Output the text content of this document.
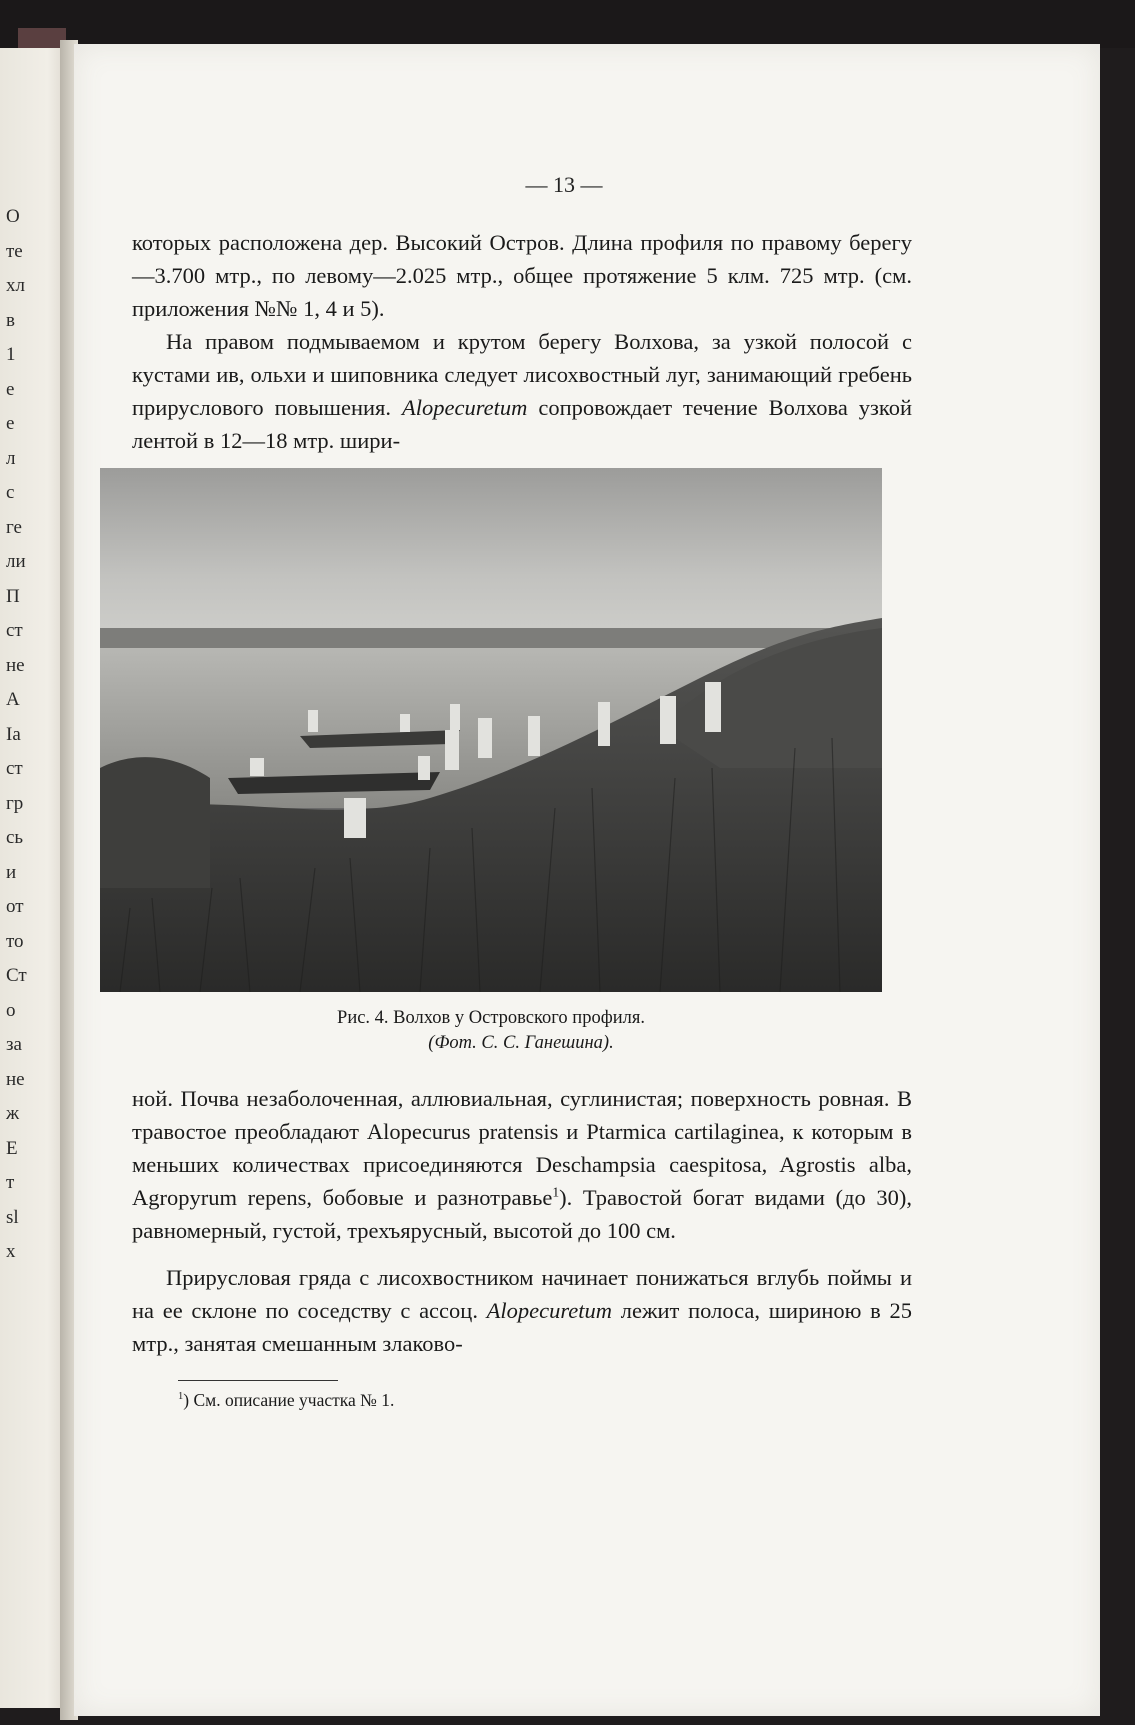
О
те
хл
в
1
е
е
л
с
ге
ли
П
ст
не
А
Іа
ст
гр
сь
и
от
то
Ст
о
за
не
ж
Е
т
sl
х
— 13 —

которых расположена дер. Высокий Остров. Длина профиля по правому берегу—3.700 мтр., по левому—2.025 мтр., общее протяжение 5 клм. 725 мтр. (см. приложения №№ 1, 4 и 5).

На правом подмываемом и крутом берегу Волхова, за узкой полосой с кустами ив, ольхи и шиповника следует лисохвостный луг, занимающий гребень прируслового повышения. Alopecuretum сопровождает течение Волхова узкой лентой в 12—18 мтр. шири-

Рис. 4. Волхов у Островского профиля.
(Фот. С. С. Ганешина).

ной. Почва незаболоченная, аллювиальная, суглинистая; поверхность ровная. В травостое преобладают Alopecurus pratensis и Ptarmica cartilaginea, к которым в меньших количествах присоединяются Deschampsia caespitosa, Agrostis alba, Agropyrum repens, бобовые и разнотравье$^1$). Травостой богат видами (до 30), равномерный, густой, трехъярусный, высотой до 100 см.

Прирусловая гряда с лисохвостником начинает понижаться вглубь поймы и на ее склоне по соседству с ассоц. Alopecuretum лежит полоса, шириною в 25 мтр., занятая смешанным злаково-

$^1$) См. описание участка № 1.
